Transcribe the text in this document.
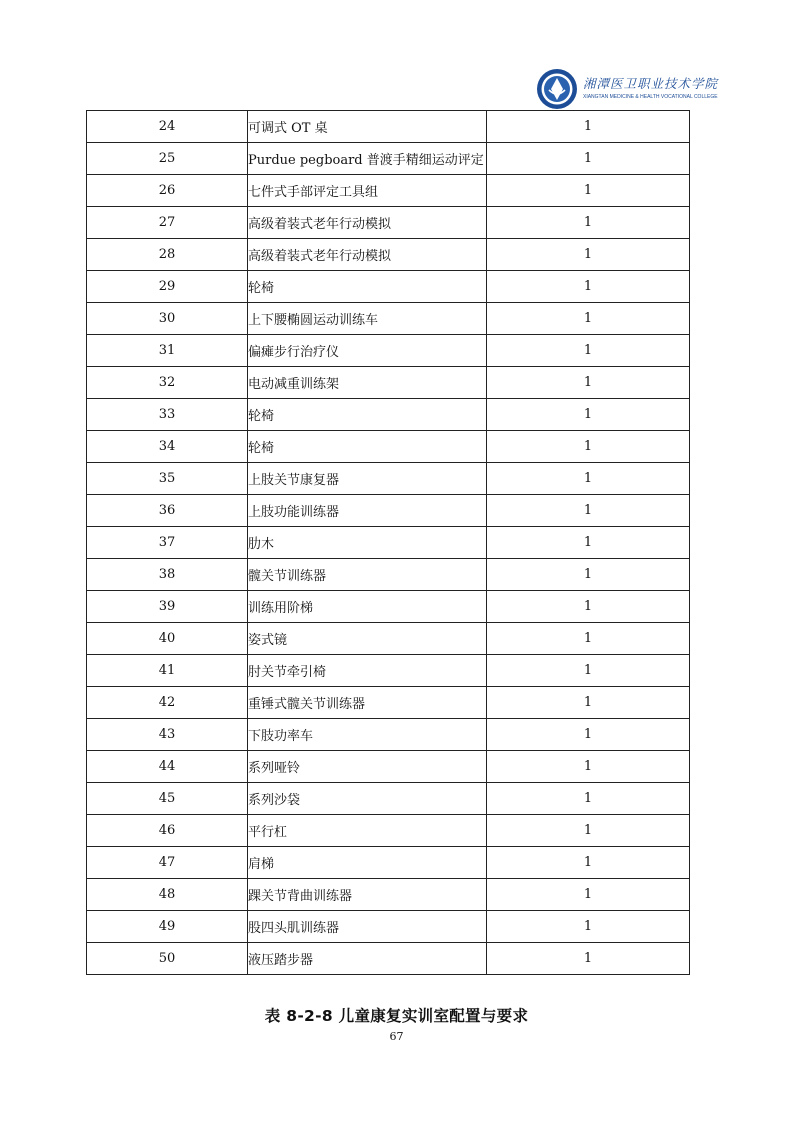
湘潭医卫职业技术学院
XIANGTAN MEDICINE & HEALTH VOCATIONAL COLLEGE
24	可调式 OT 桌	1
25	Purdue pegboard 普渡手精细运动评定	1
26	七件式手部评定工具组	1
27	高级着装式老年行动模拟	1
28	高级着装式老年行动模拟	1
29	轮椅	1
30	上下腰椭圆运动训练车	1
31	偏瘫步行治疗仪	1
32	电动减重训练架	1
33	轮椅	1
34	轮椅	1
35	上肢关节康复器	1
36	上肢功能训练器	1
37	肋木	1
38	髋关节训练器	1
39	训练用阶梯	1
40	姿式镜	1
41	肘关节牵引椅	1
42	重锤式髋关节训练器	1
43	下肢功率车	1
44	系列哑铃	1
45	系列沙袋	1
46	平行杠	1
47	肩梯	1
48	踝关节背曲训练器	1
49	股四头肌训练器	1
50	液压踏步器	1
表 8-2-8 儿童康复实训室配置与要求
67
